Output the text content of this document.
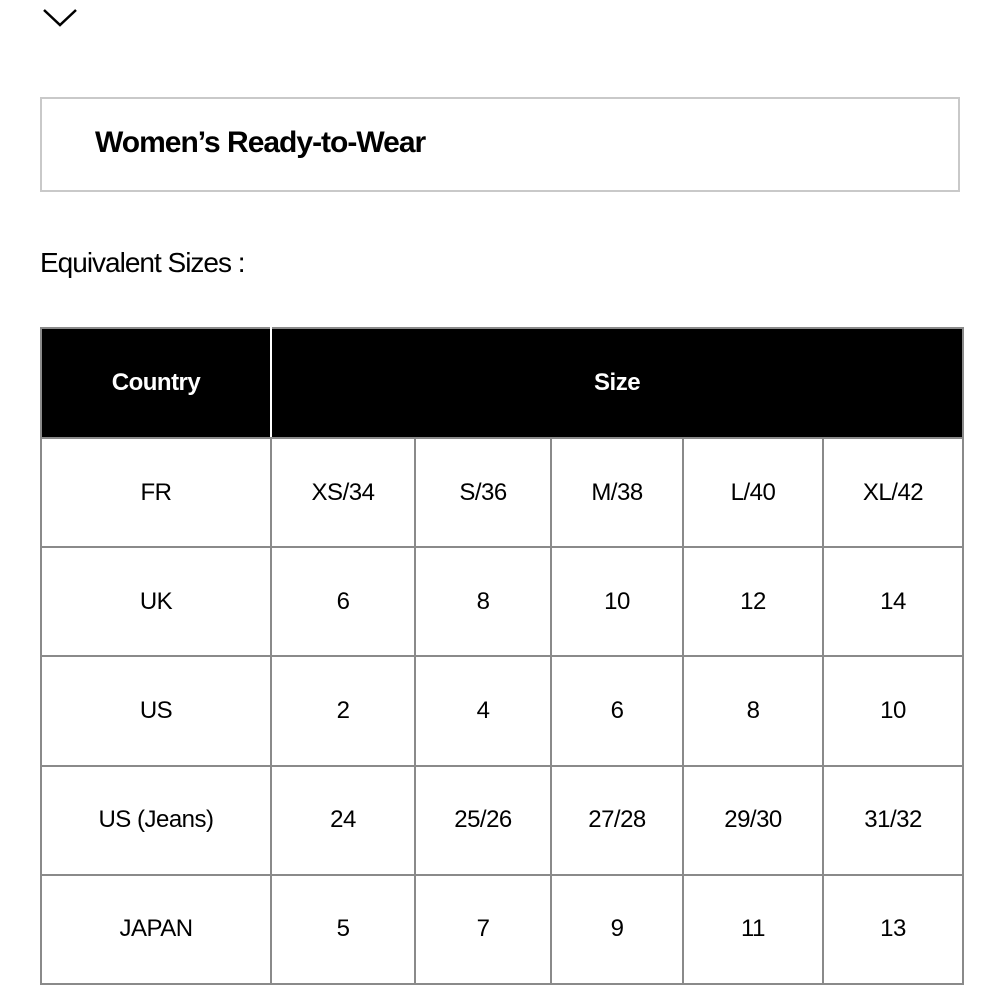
Women’s Ready-to-Wear
Equivalent Sizes :
Country	Size				
FR	XS/34	S/36	M/38	L/40	XL/42
UK	6	8	10	12	14
US	2	4	6	8	10
US (Jeans)	24	25/26	27/28	29/30	31/32
JAPAN	5	7	9	11	13
